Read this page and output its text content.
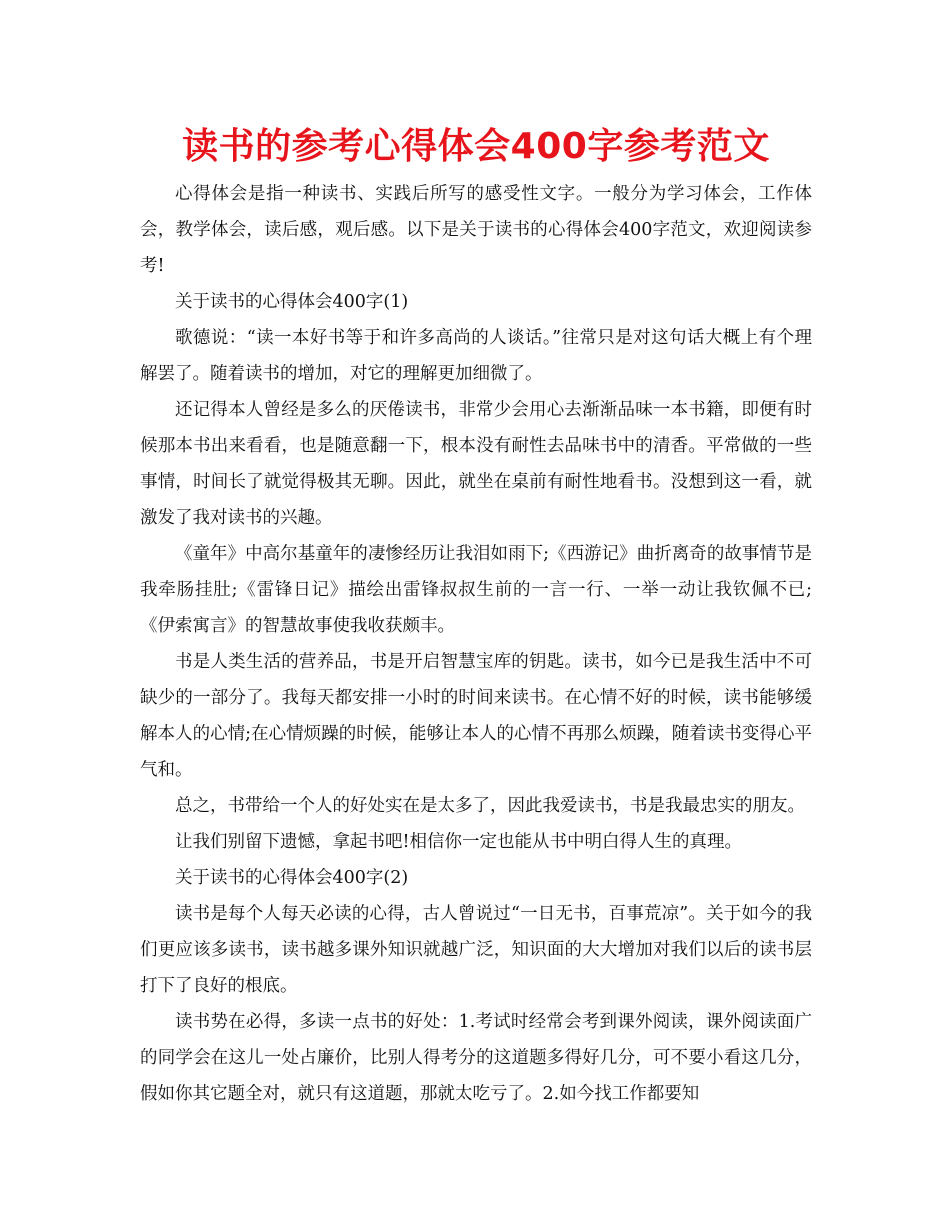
读书的参考心得体会400字参考范文

心得体会是指一种读书、实践后所写的感受性文字。一般分为学习体会，工作体会，教学体会，读后感，观后感。以下是关于读书的心得体会400字范文，欢迎阅读参考!

关于读书的心得体会400字(1)

歌德说：“读一本好书等于和许多高尚的人谈话。”往常只是对这句话大概上有个理解罢了。随着读书的增加，对它的理解更加细微了。

还记得本人曾经是多么的厌倦读书，非常少会用心去渐渐品味一本书籍，即便有时候那本书出来看看，也是随意翻一下，根本没有耐性去品味书中的清香。平常做的一些事情，时间长了就觉得极其无聊。因此，就坐在桌前有耐性地看书。没想到这一看，就激发了我对读书的兴趣。

《童年》中高尔基童年的凄惨经历让我泪如雨下;《西游记》曲折离奇的故事情节是我牵肠挂肚;《雷锋日记》描绘出雷锋叔叔生前的一言一行、一举一动让我钦佩不已;《伊索寓言》的智慧故事使我收获颇丰。

书是人类生活的营养品，书是开启智慧宝库的钥匙。读书，如今已是我生活中不可缺少的一部分了。我每天都安排一小时的时间来读书。在心情不好的时候，读书能够缓解本人的心情;在心情烦躁的时候，能够让本人的心情不再那么烦躁，随着读书变得心平气和。

总之，书带给一个人的好处实在是太多了，因此我爱读书，书是我最忠实的朋友。

让我们别留下遗憾，拿起书吧!相信你一定也能从书中明白得人生的真理。

关于读书的心得体会400字(2)

读书是每个人每天必读的心得，古人曾说过“一日无书，百事荒凉”。关于如今的我们更应该多读书，读书越多课外知识就越广泛，知识面的大大增加对我们以后的读书层打下了良好的根底。

读书势在必得，多读一点书的好处：1.考试时经常会考到课外阅读，课外阅读面广的同学会在这儿一处占廉价，比别人得考分的这道题多得好几分，可不要小看这几分，假如你其它题全对，就只有这道题，那就太吃亏了。2.如今找工作都要知
